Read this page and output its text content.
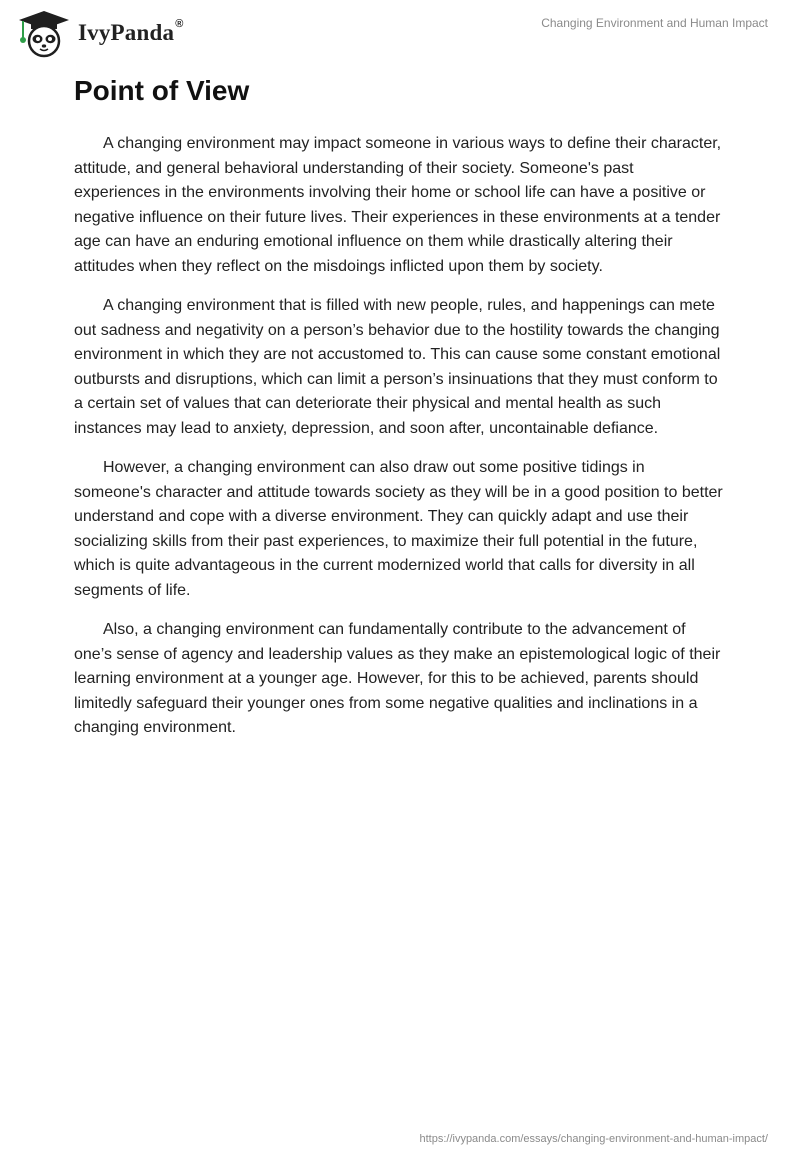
IvyPanda®	Changing Environment and Human Impact
Point of View

A changing environment may impact someone in various ways to define their character, attitude, and general behavioral understanding of their society. Someone's past experiences in the environments involving their home or school life can have a positive or negative influence on their future lives. Their experiences in these environments at a tender age can have an enduring emotional influence on them while drastically altering their attitudes when they reflect on the misdoings inflicted upon them by society.

A changing environment that is filled with new people, rules, and happenings can mete out sadness and negativity on a person’s behavior due to the hostility towards the changing environment in which they are not accustomed to. This can cause some constant emotional outbursts and disruptions, which can limit a person’s insinuations that they must conform to a certain set of values that can deteriorate their physical and mental health as such instances may lead to anxiety, depression, and soon after, uncontainable defiance.

However, a changing environment can also draw out some positive tidings in someone's character and attitude towards society as they will be in a good position to better understand and cope with a diverse environment. They can quickly adapt and use their socializing skills from their past experiences, to maximize their full potential in the future, which is quite advantageous in the current modernized world that calls for diversity in all segments of life.

Also, a changing environment can fundamentally contribute to the advancement of one’s sense of agency and leadership values as they make an epistemological logic of their learning environment at a younger age. However, for this to be achieved, parents should limitedly safeguard their younger ones from some negative qualities and inclinations in a changing environment.

https://ivypanda.com/essays/changing-environment-and-human-impact/
